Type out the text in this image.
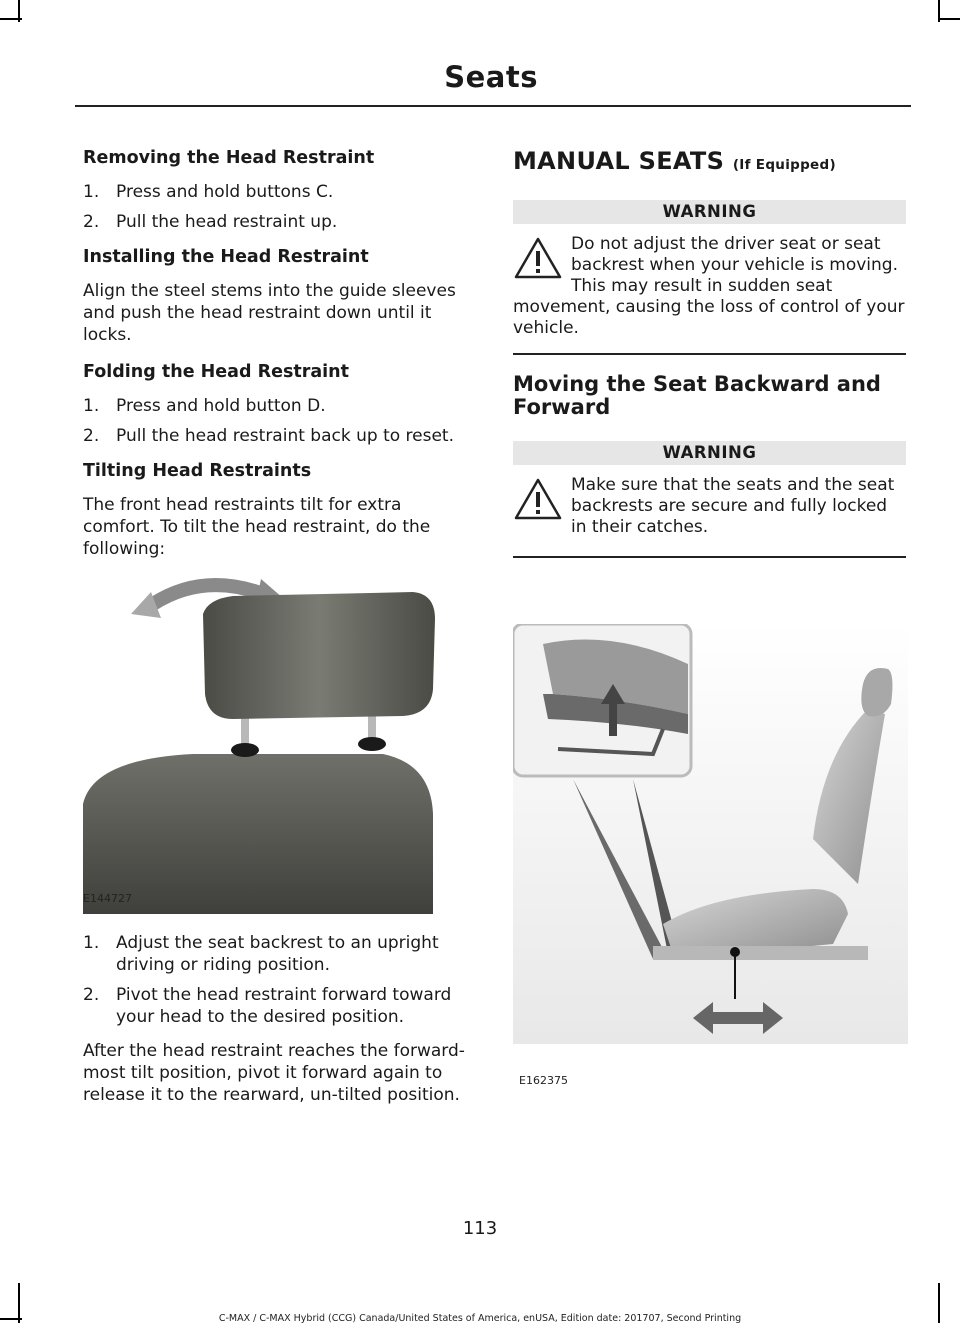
Seats
Removing the Head Restraint
1. Press and hold buttons C.
2. Pull the head restraint up.
Installing the Head Restraint

Align the steel stems into the guide sleeves and push the head restraint down until it locks.

Folding the Head Restraint
1. Press and hold button D.
2. Pull the head restraint back up to reset.
Tilting Head Restraints

The front head restraints tilt for extra comfort. To tilt the head restraint, do the following:

E144727
1. Adjust the seat backrest to an upright driving or riding position.
2. Pivot the head restraint forward toward your head to the desired position.

After the head restraint reaches the forward-most tilt position, pivot it forward again to release it to the rearward, un-tilted position.

MANUAL SEATS (If Equipped)
WARNING
Do not adjust the driver seat or seat backrest when your vehicle is moving. This may result in sudden seat movement, causing the loss of control of your vehicle.
Moving the Seat Backward and Forward
WARNING
Make sure that the seats and the seat backrests are secure and fully locked in their catches.
E162375
113
C-MAX / C-MAX Hybrid (CCG) Canada/United States of America, enUSA, Edition date: 201707, Second Printing
